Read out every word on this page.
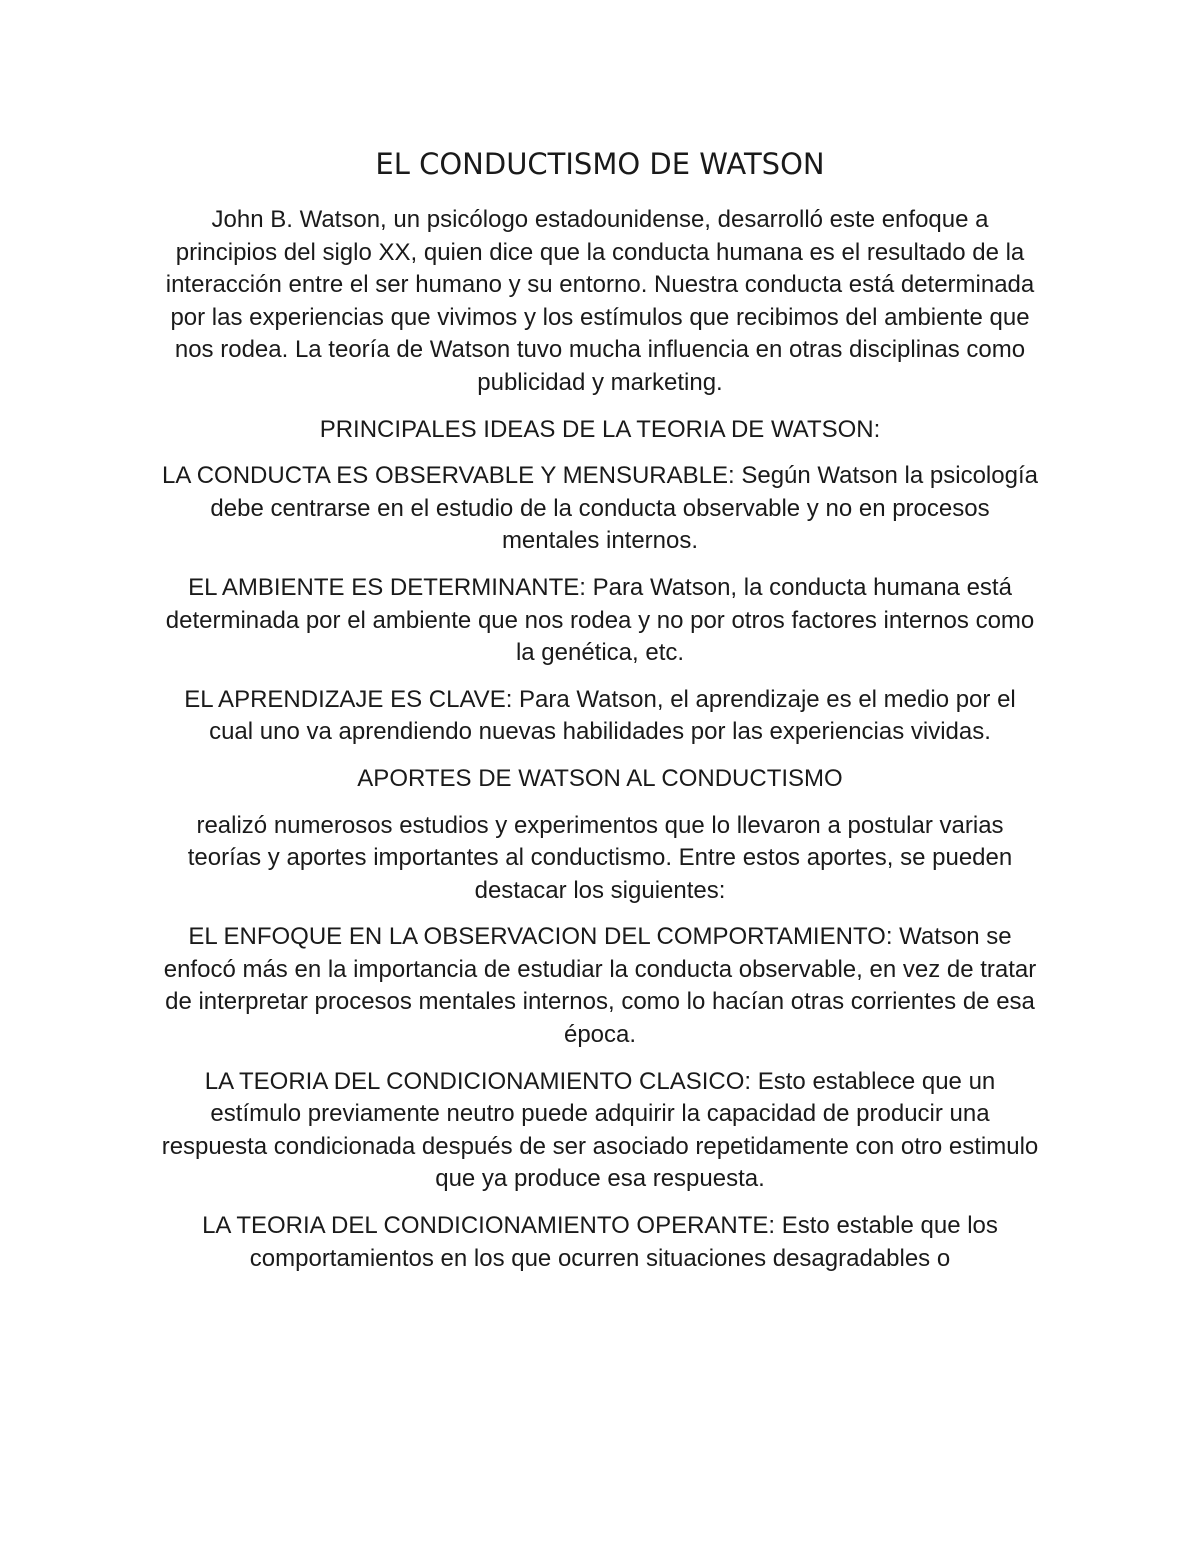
EL CONDUCTISMO DE WATSON

John B. Watson, un psicólogo estadounidense, desarrolló este enfoque a principios del siglo XX, quien dice que la conducta humana es el resultado de la interacción entre el ser humano y su entorno. Nuestra conducta está determinada por las experiencias que vivimos y los estímulos que recibimos del ambiente que nos rodea. La teoría de Watson tuvo mucha influencia en otras disciplinas como publicidad y marketing.

PRINCIPALES IDEAS DE LA TEORIA DE WATSON:

LA CONDUCTA ES OBSERVABLE Y MENSURABLE: Según Watson la psicología debe centrarse en el estudio de la conducta observable y no en procesos mentales internos.

EL AMBIENTE ES DETERMINANTE: Para Watson, la conducta humana está determinada por el ambiente que nos rodea y no por otros factores internos como la genética, etc.

EL APRENDIZAJE ES CLAVE: Para Watson, el aprendizaje es el medio por el cual uno va aprendiendo nuevas habilidades por las experiencias vividas.

APORTES DE WATSON AL CONDUCTISMO

realizó numerosos estudios y experimentos que lo llevaron a postular varias teorías y aportes importantes al conductismo. Entre estos aportes, se pueden destacar los siguientes:

EL ENFOQUE EN LA OBSERVACION DEL COMPORTAMIENTO: Watson se enfocó más en la importancia de estudiar la conducta observable, en vez de tratar de interpretar procesos mentales internos, como lo hacían otras corrientes de esa época.

LA TEORIA DEL CONDICIONAMIENTO CLASICO: Esto establece que un estímulo previamente neutro puede adquirir la capacidad de producir una respuesta condicionada después de ser asociado repetidamente con otro estimulo que ya produce esa respuesta.

LA TEORIA DEL CONDICIONAMIENTO OPERANTE: Esto estable que los comportamientos en los que ocurren situaciones desagradables o
